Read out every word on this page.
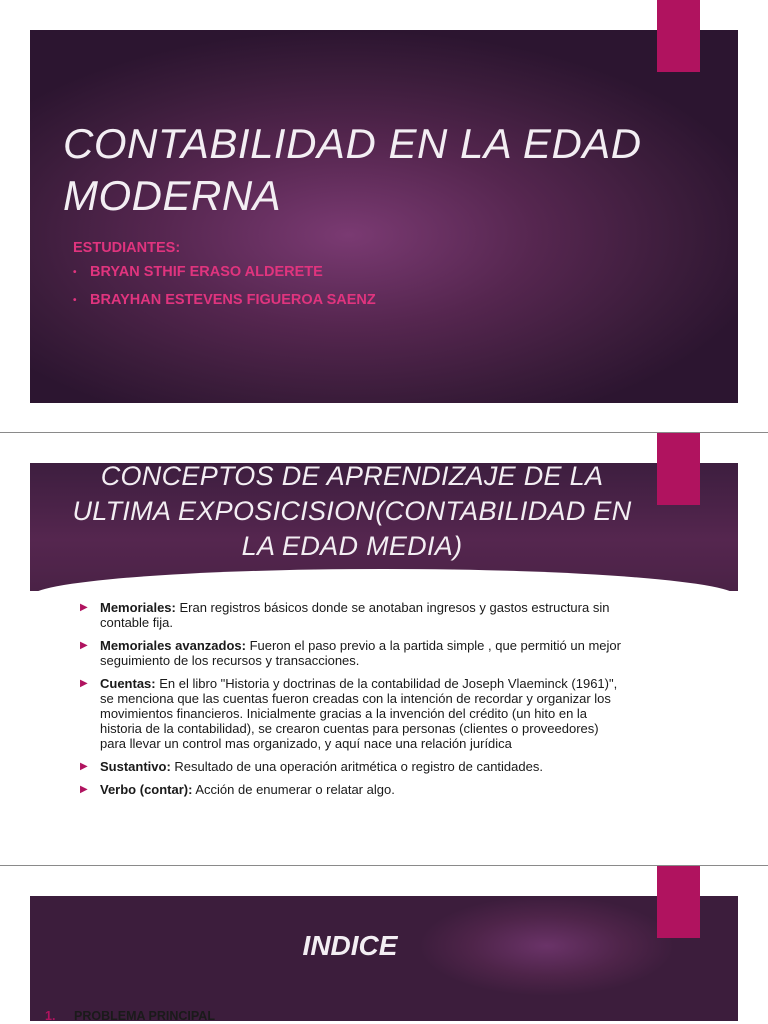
CONTABILIDAD EN LA EDAD MODERNA

ESTUDIANTES:

• BRYAN STHIF ERASO ALDERETE

• BRAYHAN ESTEVENS FIGUEROA SAENZ

CONCEPTOS DE APRENDIZAJE DE LA ULTIMA EXPOSICISION(CONTABILIDAD EN LA EDAD MEDIA)
▶ Memoriales: Eran registros básicos donde se anotaban ingresos y gastos estructura sin contable fija.
▶ Memoriales avanzados: Fueron el paso previo a la partida simple , que permitió un mejor seguimiento de los recursos y transacciones.
▶ Cuentas: En el libro "Historia y doctrinas de la contabilidad de Joseph Vlaeminck (1961)", se menciona que las cuentas fueron creadas con la intención de recordar y organizar los movimientos financieros. Inicialmente gracias a la invención del crédito (un hito en la historia de la contabilidad), se crearon cuentas para personas (clientes o proveedores) para llevar un control mas organizado, y aquí nace una relación jurídica
▶ Sustantivo: Resultado de una operación aritmética o registro de cantidades.
▶ Verbo (contar): Acción de enumerar o relatar algo.
INDICE
1.	PROBLEMA PRINCIPAL
